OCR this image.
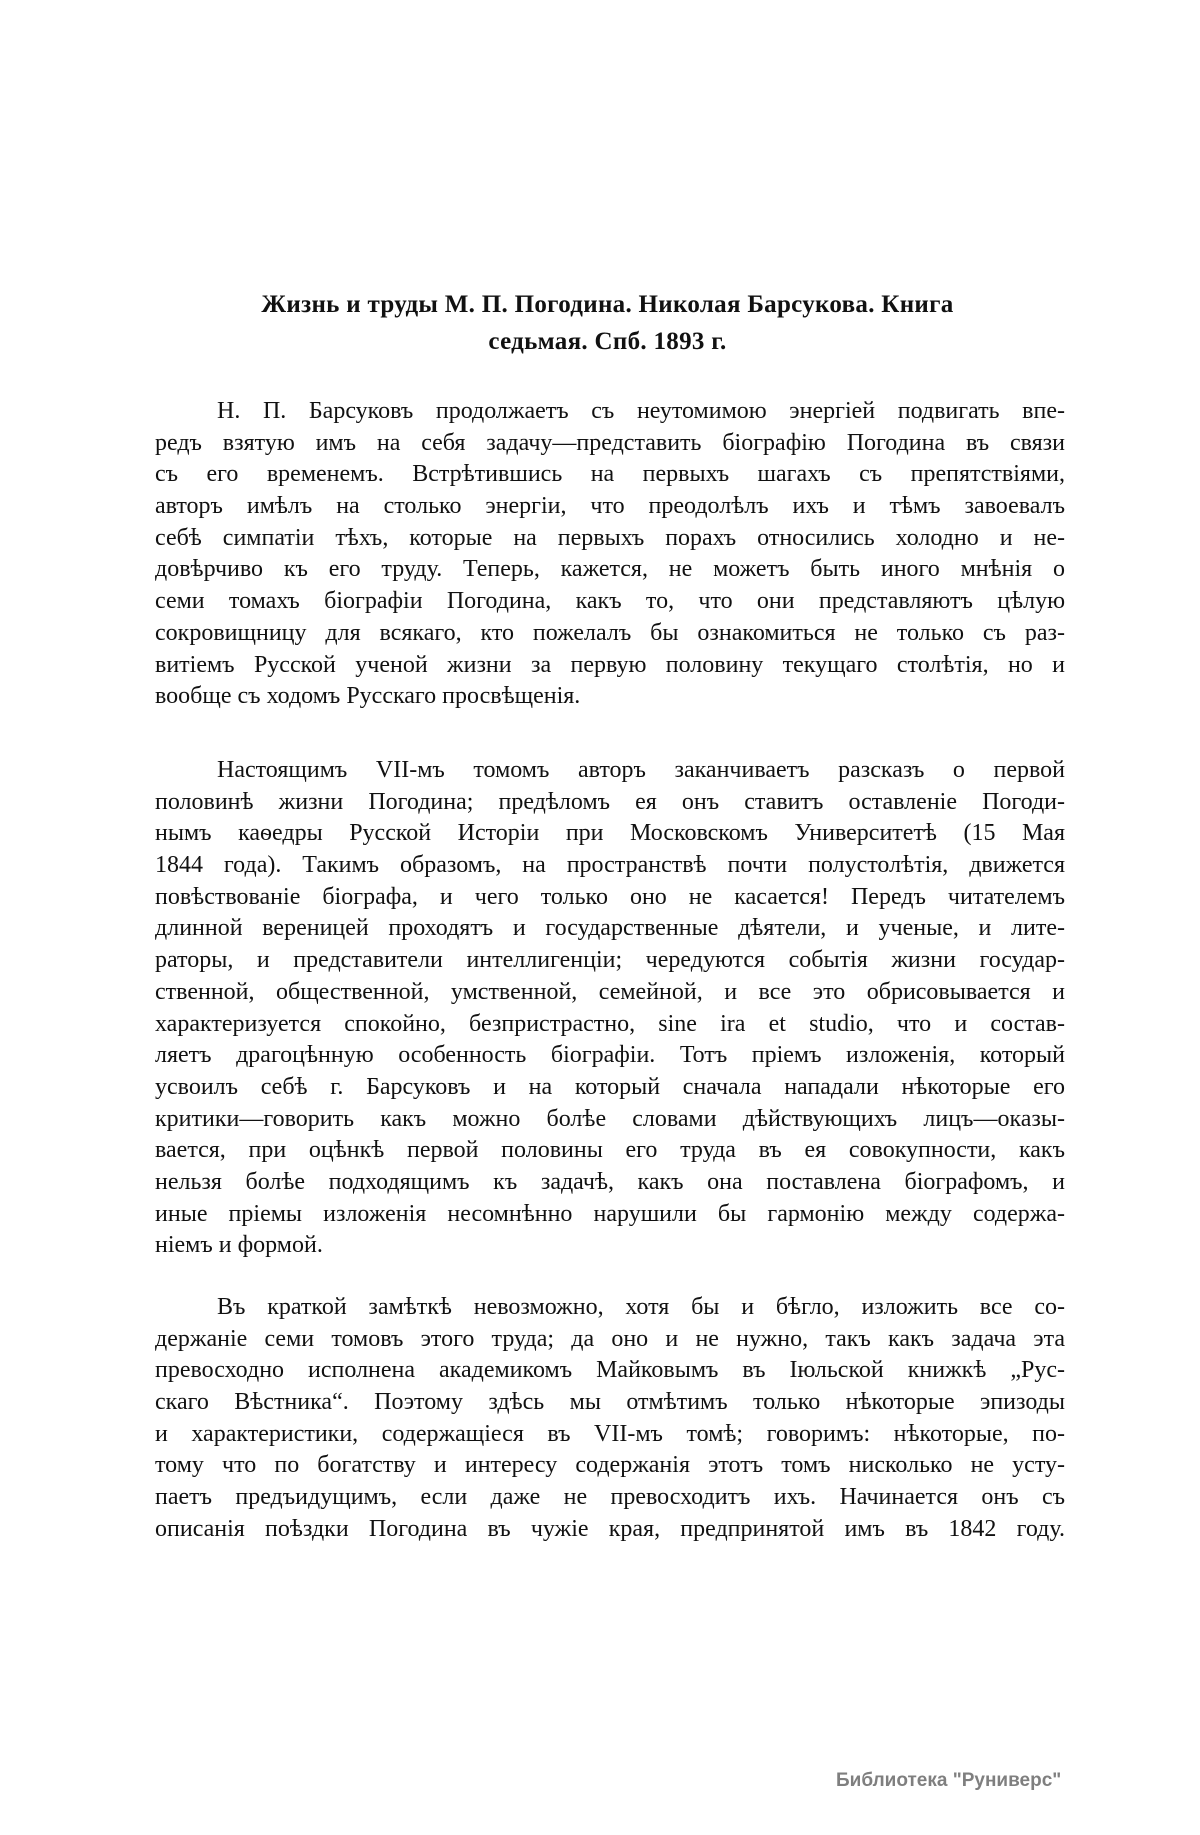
Жизнь и труды М. П. Погодина. Николая Барсукова. Книга
седьмая. Спб. 1893 г.
Н. П. Барсуковъ продолжаетъ съ неутомимою энергіей подвигать впе-
редъ взятую имъ на себя задачу—представить біографію Погодина въ связи
съ его временемъ. Встрѣтившись на первыхъ шагахъ съ препятствіями,
авторъ имѣлъ на столько энергіи, что преодолѣлъ ихъ и тѣмъ завоевалъ
себѣ симпатіи тѣхъ, которые на первыхъ порахъ относились холодно и не-
довѣрчиво къ его труду. Теперь, кажется, не можетъ быть иного мнѣнія о
семи томахъ біографіи Погодина, какъ то, что они представляютъ цѣлую
сокровищницу для всякаго, кто пожелалъ бы ознакомиться не только съ раз-
витіемъ Русской ученой жизни за первую половину текущаго столѣтія, но и
вообще съ ходомъ Русскаго просвѣщенія.
Настоящимъ VII-мъ томомъ авторъ заканчиваетъ разсказъ о первой
половинѣ жизни Погодина; предѣломъ ея онъ ставитъ оставленіе Погоди-
нымъ каѳедры Русской Исторіи при Московскомъ Университетѣ (15 Мая
1844 года). Такимъ образомъ, на пространствѣ почти полустолѣтія, движется
повѣствованіе біографа, и чего только оно не касается! Передъ читателемъ
длинной вереницей проходятъ и государственные дѣятели, и ученые, и лите-
раторы, и представители интеллигенціи; чередуются событія жизни государ-
ственной, общественной, умственной, семейной, и все это обрисовывается и
характеризуется спокойно, безпристрастно, sine ira et studio, что и состав-
ляетъ драгоцѣнную особенность біографіи. Тотъ пріемъ изложенія, который
усвоилъ себѣ г. Барсуковъ и на который сначала нападали нѣкоторые его
критики—говорить какъ можно болѣе словами дѣйствующихъ лицъ—оказы-
вается, при оцѣнкѣ первой половины его труда въ ея совокупности, какъ
нельзя болѣе подходящимъ къ задачѣ, какъ она поставлена біографомъ, и
иные пріемы изложенія несомнѣнно нарушили бы гармонію между содержа-
ніемъ и формой.
Въ краткой замѣткѣ невозможно, хотя бы и бѣгло, изложить все со-
держаніе семи томовъ этого труда; да оно и не нужно, такъ какъ задача эта
превосходно исполнена академикомъ Майковымъ въ Іюльской книжкѣ „Рус-
скаго Вѣстника“. Поэтому здѣсь мы отмѣтимъ только нѣкоторые эпизоды
и характеристики, содержащіеся въ VII-мъ томѣ; говоримъ: нѣкоторые, по-
тому что по богатству и интересу содержанія этотъ томъ нисколько не усту-
паетъ предъидущимъ, если даже не превосходитъ ихъ. Начинается онъ съ
описанія поѣздки Погодина въ чужіе края, предпринятой имъ въ 1842 году.
Библиотека "Руниверс"
